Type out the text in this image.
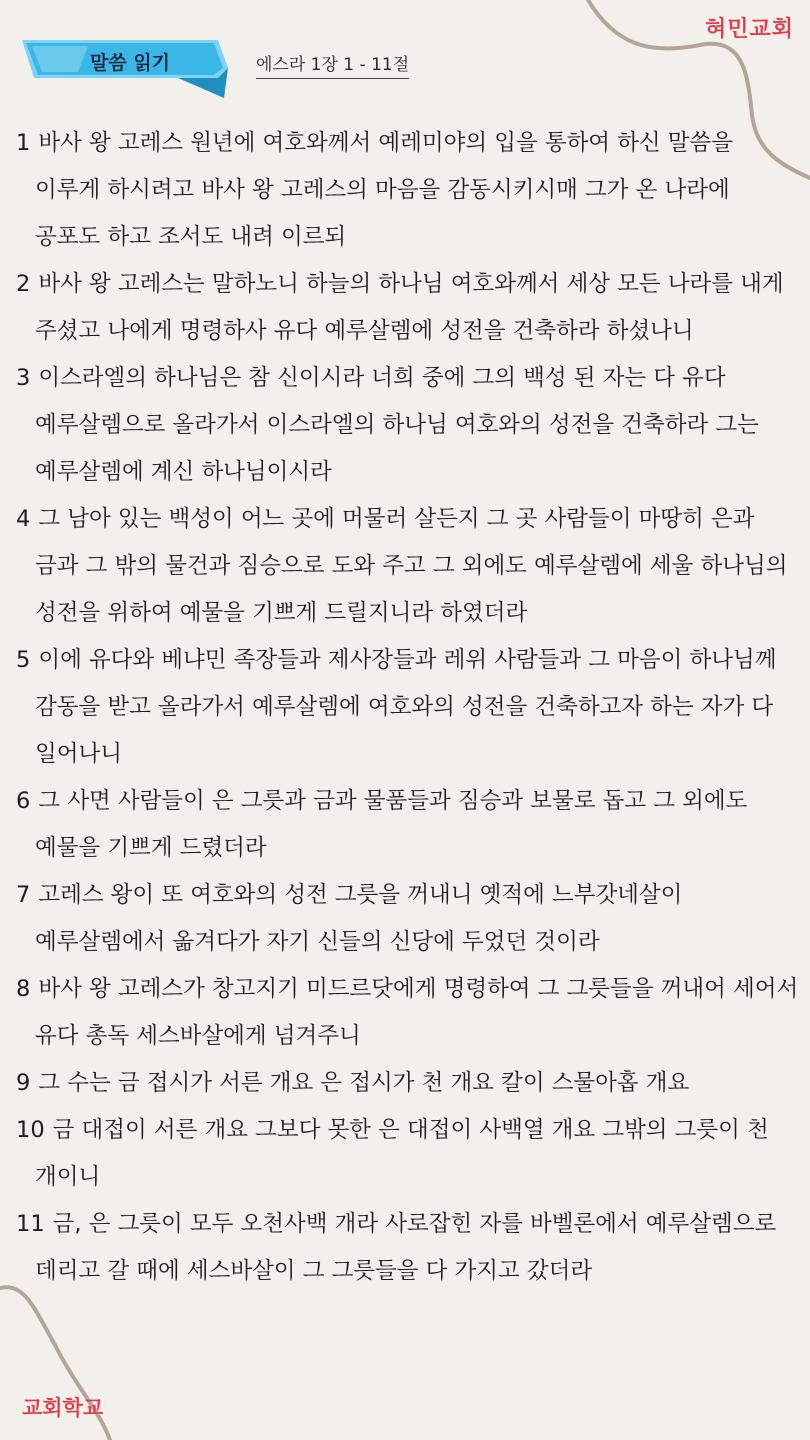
혀민교회
말씀 읽기	에스라 1장 1 - 11절
1 바사 왕 고레스 원년에 여호와께서 예레미야의 입을 통하여 하신 말씀을 이루게 하시려고 바사 왕 고레스의 마음을 감동시키시매 그가 온 나라에 공포도 하고 조서도 내려 이르되
2 바사 왕 고레스는 말하노니 하늘의 하나님 여호와께서 세상 모든 나라를 내게 주셨고 나에게 명령하사 유다 예루살렘에 성전을 건축하라 하셨나니
3 이스라엘의 하나님은 참 신이시라 너희 중에 그의 백성 된 자는 다 유다 예루살렘으로 올라가서 이스라엘의 하나님 여호와의 성전을 건축하라 그는 예루살렘에 계신 하나님이시라
4 그 남아 있는 백성이 어느 곳에 머물러 살든지 그 곳 사람들이 마땅히 은과 금과 그 밖의 물건과 짐승으로 도와 주고 그 외에도 예루살렘에 세울 하나님의 성전을 위하여 예물을 기쁘게 드릴지니라 하였더라
5 이에 유다와 베냐민 족장들과 제사장들과 레위 사람들과 그 마음이 하나님께 감동을 받고 올라가서 예루살렘에 여호와의 성전을 건축하고자 하는 자가 다 일어나니
6 그 사면 사람들이 은 그릇과 금과 물품들과 짐승과 보물로 돕고 그 외에도 예물을 기쁘게 드렸더라
7 고레스 왕이 또 여호와의 성전 그릇을 꺼내니 옛적에 느부갓네살이 예루살렘에서 옮겨다가 자기 신들의 신당에 두었던 것이라
8 바사 왕 고레스가 창고지기 미드르닷에게 명령하여 그 그릇들을 꺼내어 세어서 유다 총독 세스바살에게 넘겨주니
9 그 수는 금 접시가 서른 개요 은 접시가 천 개요 칼이 스물아홉 개요
10 금 대접이 서른 개요 그보다 못한 은 대접이 사백열 개요 그밖의 그릇이 천 개이니
11 금, 은 그릇이 모두 오천사백 개라 사로잡힌 자를 바벨론에서 예루살렘으로 데리고 갈 때에 세스바살이 그 그릇들을 다 가지고 갔더라
교회학교
